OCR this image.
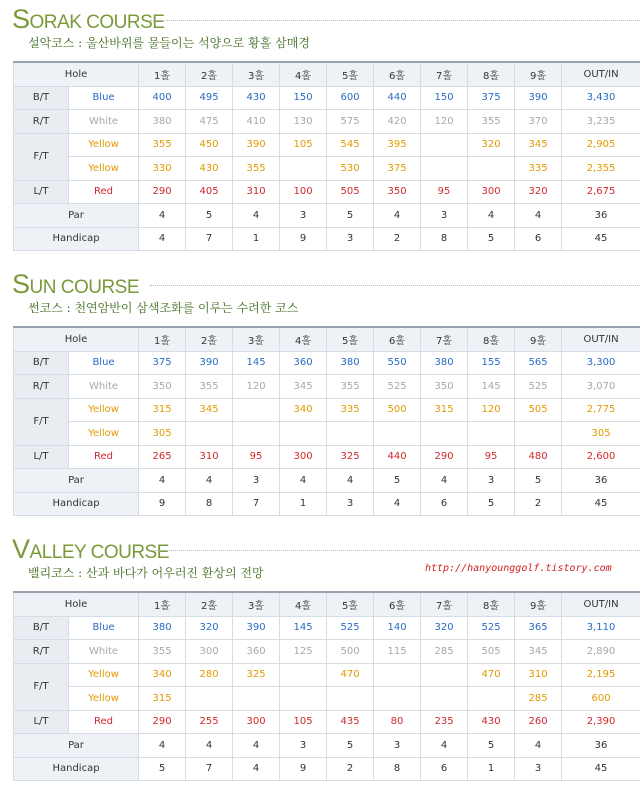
SORAK COURSE
설악코스 : 울산바위를 물들이는 석양으로 황홀 삼매경
Hole		1홀	2홀	3홀	4홀	5홀	6홀	7홀	8홀	9홀	OUT/IN
B/T	Blue	400	495	430	150	600	440	150	375	390	3,430
R/T	White	380	475	410	130	575	420	120	355	370	3,235
F/T	Yellow	355	450	390	105	545	395		320	345	2,905
	Yellow	330	430	355		530	375			335	2,355
L/T	Red	290	405	310	100	505	350	95	300	320	2,675
Par		4	5	4	3	5	4	3	4	4	36
Handicap		4	7	1	9	3	2	8	5	6	45
SUN COURSE
썬코스 : 천연암반이 삼색조화를 이루는 수려한 코스
Hole		1홀	2홀	3홀	4홀	5홀	6홀	7홀	8홀	9홀	OUT/IN
B/T	Blue	375	390	145	360	380	550	380	155	565	3,300
R/T	White	350	355	120	345	355	525	350	145	525	3,070
F/T	Yellow	315	345		340	335	500	315	120	505	2,775
	Yellow	305									305
L/T	Red	265	310	95	300	325	440	290	95	480	2,600
Par		4	4	3	4	4	5	4	3	5	36
Handicap		9	8	7	1	3	4	6	5	2	45
VALLEY COURSE
밸리코스 : 산과 바다가 어우러진 환상의 전망	http://hanyounggolf.tistory.com
Hole		1홀	2홀	3홀	4홀	5홀	6홀	7홀	8홀	9홀	OUT/IN
B/T	Blue	380	320	390	145	525	140	320	525	365	3,110
R/T	White	355	300	360	125	500	115	285	505	345	2,890
F/T	Yellow	340	280	325		470			470	310	2,195
	Yellow	315								285	600
L/T	Red	290	255	300	105	435	80	235	430	260	2,390
Par		4	4	4	3	5	3	4	5	4	36
Handicap		5	7	4	9	2	8	6	1	3	45
